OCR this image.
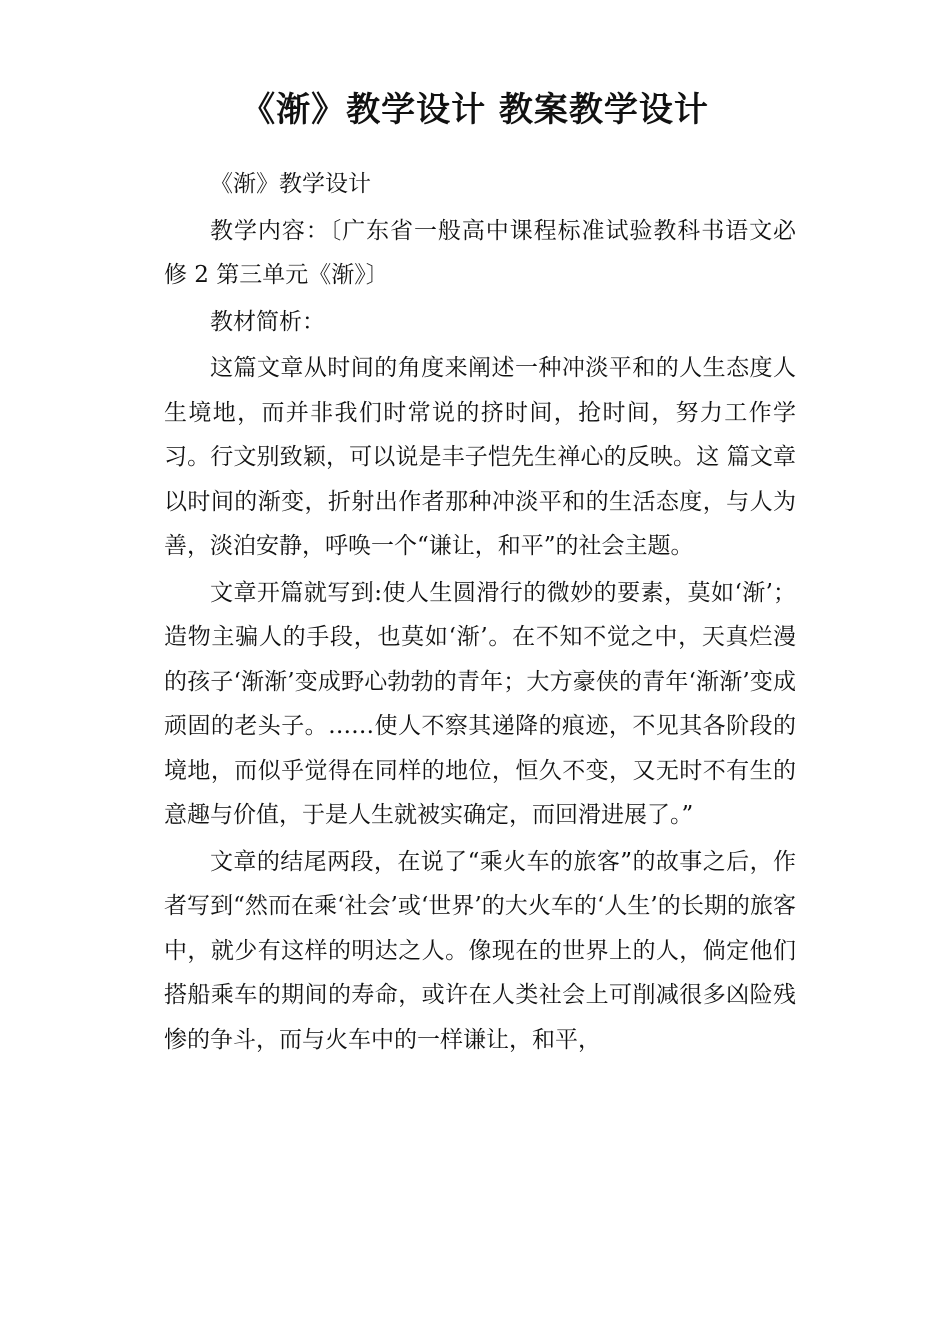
《渐》教学设计 教案教学设计

《渐》教学设计

教学内容：〔广东省一般高中课程标准试验教科书语文必修 2 第三单元《渐》〕

教材简析：

这篇文章从时间的角度来阐述一种冲淡平和的人生态度人生境地，而并非我们时常说的挤时间，抢时间，努力工作学习。行文别致颖，可以说是丰子恺先生禅心的反映。这 篇文章以时间的渐变，折射出作者那种冲淡平和的生活态度，与人为善，淡泊安静，呼唤一个“谦让，和平”的社会主题。

文章开篇就写到:使人生圆滑行的微妙的要素，莫如‘渐’；造物主骗人的手段，也莫如‘渐’。在不知不觉之中，天真烂漫的孩子‘渐渐’变成野心勃勃的青年；大方豪侠的青年‘渐渐’变成顽固的老头子。……使人不察其递降的痕迹，不见其各阶段的境地，而似乎觉得在同样的地位，恒久不变，又无时不有生的意趣与价值，于是人生就被实确定，而回滑进展了。”

文章的结尾两段，在说了“乘火车的旅客”的故事之后，作者写到“然而在乘‘社会’或‘世界’的大火车的‘人生’的长期的旅客中，就少有这样的明达之人。像现在的世界上的人，倘定他们搭船乘车的期间的寿命，或许在人类社会上可削减很多凶险残惨的争斗，而与火车中的一样谦让，和平，
